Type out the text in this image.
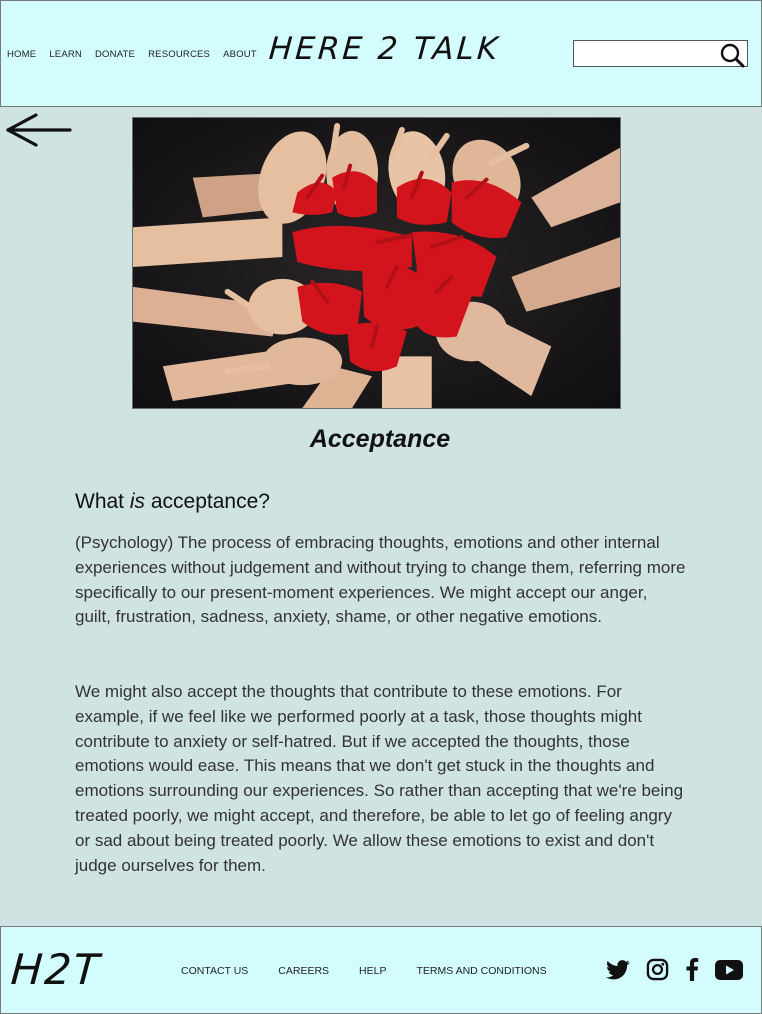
HOME LEARN DONATE RESOURCES ABOUT HERE 2 TALK
Acceptance
What is acceptance?

(Psychology) The process of embracing thoughts, emotions and other internal experiences without judgement and without trying to change them, referring more specifically to our present-moment experiences. We might accept our anger, guilt, frustration, sadness, anxiety, shame, or other negative emotions.

We might also accept the thoughts that contribute to these emotions. For example, if we feel like we performed poorly at a task, those thoughts might contribute to anxiety or self-hatred. But if we accepted the thoughts, those emotions would ease. This means that we don't get stuck in the thoughts and emotions surrounding our experiences. So rather than accepting that we're being treated poorly, we might accept, and therefore, be able to let go of feeling angry or sad about being treated poorly. We allow these emotions to exist and don't judge ourselves for them.

H2T	CONTACT US	CAREERS	HELP	TERMS AND CONDITIONS
